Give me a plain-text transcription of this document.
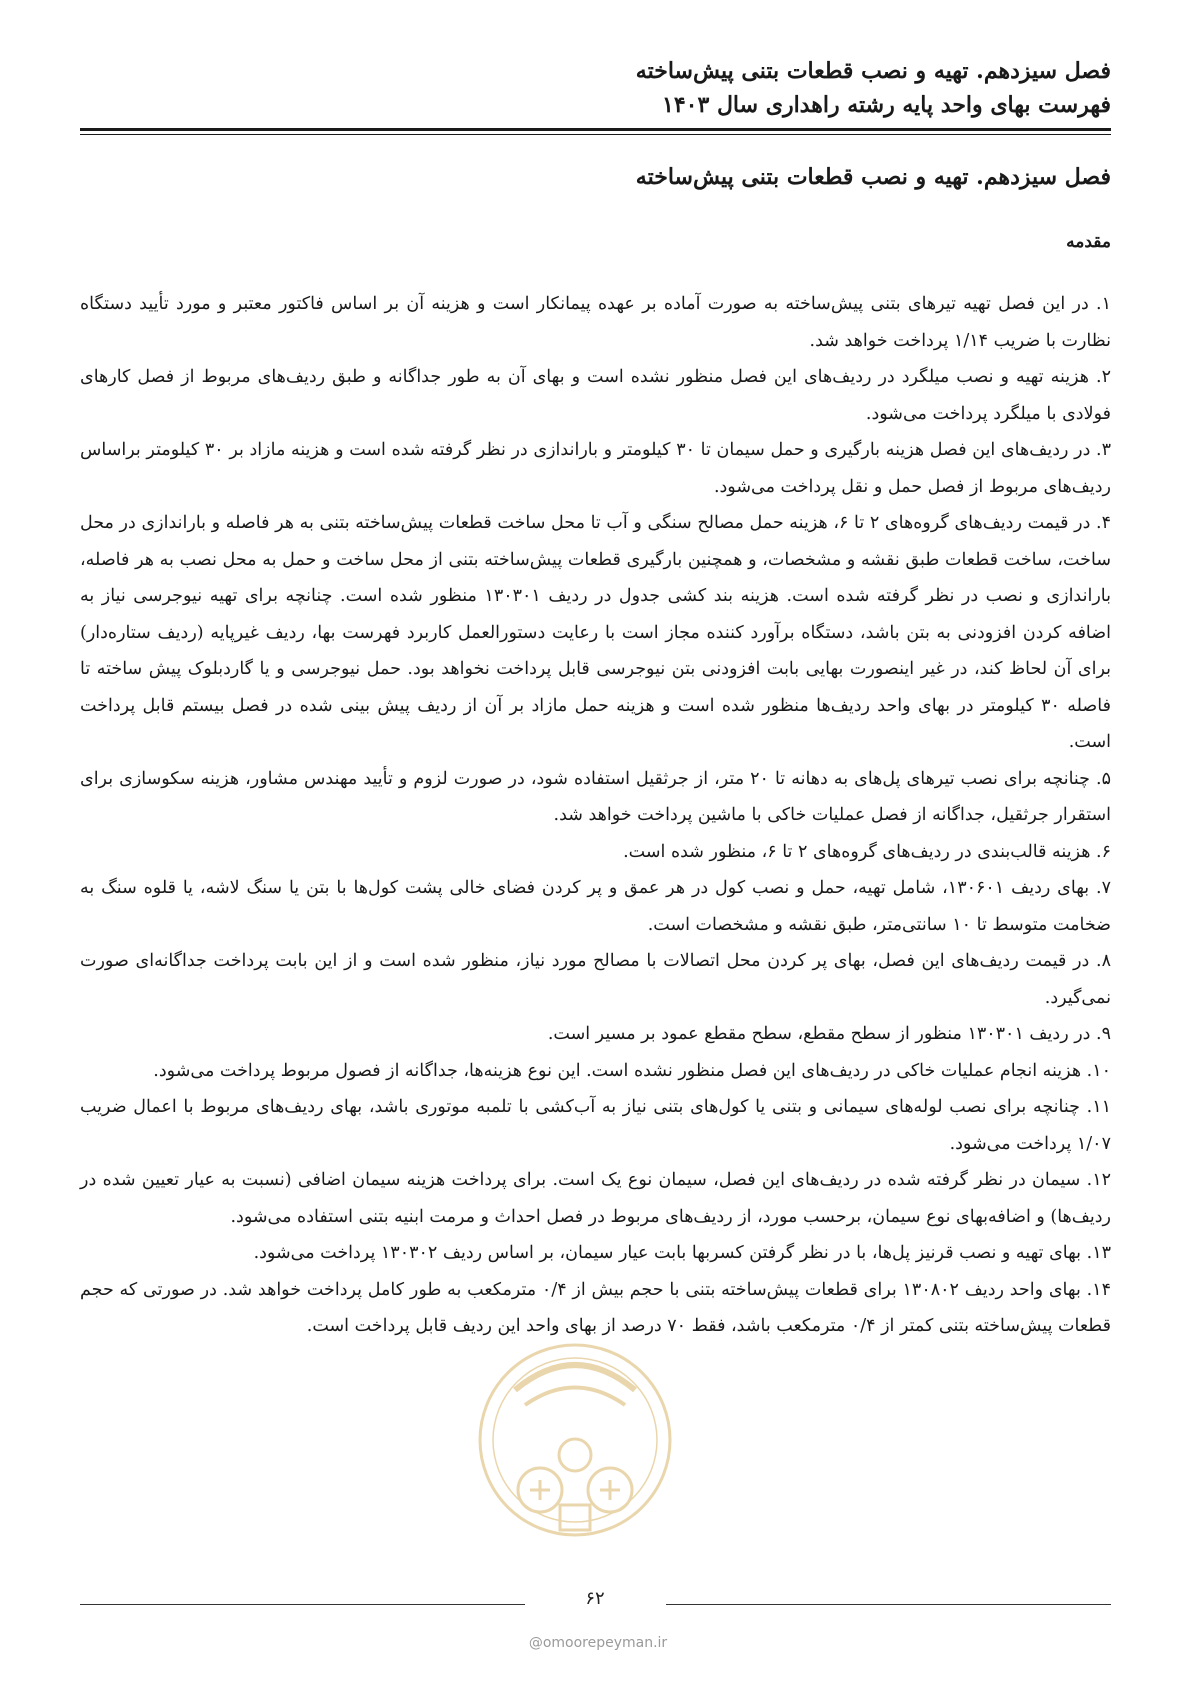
فصل سیزدهم. تهیه و نصب قطعات بتنی پیش‌ساخته
فهرست بهای واحد پایه رشته راهداری سال ۱۴۰۳
فصل سیزدهم. تهیه و نصب قطعات بتنی پیش‌ساخته
مقدمه

۱. در این فصل تهیه تیرهای بتنی پیش‌ساخته به صورت آماده بر عهده پیمانکار است و هزینه آن بر اساس فاکتور معتبر و مورد تأیید دستگاه نظارت با ضریب ۱/۱۴ پرداخت خواهد شد.

۲. هزینه تهیه و نصب میلگرد در ردیف‌های این فصل منظور نشده است و بهای آن به طور جداگانه و طبق ردیف‌های مربوط از فصل کارهای فولادی با میلگرد پرداخت می‌شود.

۳. در ردیف‌های این فصل هزینه بارگیری و حمل سیمان تا ۳۰ کیلومتر و باراندازی در نظر گرفته شده است و هزینه مازاد بر ۳۰ کیلومتر براساس ردیف‌های مربوط از فصل حمل و نقل پرداخت می‌شود.

۴. در قیمت ردیف‌های گروه‌های ۲ تا ۶، هزینه حمل مصالح سنگی و آب تا محل ساخت قطعات پیش‌ساخته بتنی به هر فاصله و باراندازی در محل ساخت، ساخت قطعات طبق نقشه و مشخصات، و همچنین بارگیری قطعات پیش‌ساخته بتنی از محل ساخت و حمل به محل نصب به هر فاصله، باراندازی و نصب در نظر گرفته شده است. هزینه بند کشی جدول در ردیف ۱۳۰۳۰۱ منظور شده است. چنانچه برای تهیه نیوجرسی نیاز به اضافه کردن افزودنی به بتن باشد، دستگاه برآورد کننده مجاز است با رعایت دستورالعمل کاربرد فهرست بها، ردیف غیرپایه (ردیف ستاره‌دار) برای آن لحاظ کند، در غیر اینصورت بهایی بابت افزودنی بتن نیوجرسی قابل پرداخت نخواهد بود. حمل نیوجرسی و یا گاردبلوک پیش ساخته تا فاصله ۳۰ کیلومتر در بهای واحد ردیف‌ها منظور شده است و هزینه حمل مازاد بر آن از ردیف پیش بینی شده در فصل بیستم قابل پرداخت است.

۵. چنانچه برای نصب تیرهای پل‌های به دهانه تا ۲۰ متر، از جرثقیل استفاده شود، در صورت لزوم و تأیید مهندس مشاور، هزینه سکوسازی برای استقرار جرثقیل، جداگانه از فصل عملیات خاکی با ماشین پرداخت خواهد شد.

۶. هزینه قالب‌بندی در ردیف‌های گروه‌های ۲ تا ۶، منظور شده است.

۷. بهای ردیف ۱۳۰۶۰۱، شامل تهیه، حمل و نصب کول در هر عمق و پر کردن فضای خالی پشت کول‌ها با بتن یا سنگ لاشه، یا قلوه سنگ به ضخامت متوسط تا ۱۰ سانتی‌متر، طبق نقشه و مشخصات است.

۸. در قیمت ردیف‌های این فصل، بهای پر کردن محل اتصالات با مصالح مورد نیاز، منظور شده است و از این بابت پرداخت جداگانه‌ای صورت نمی‌گیرد.

۹. در ردیف ۱۳۰۳۰۱ منظور از سطح مقطع، سطح مقطع عمود بر مسیر است.

۱۰. هزینه انجام عملیات خاکی در ردیف‌های این فصل منظور نشده است. این نوع هزینه‌ها، جداگانه از فصول مربوط پرداخت می‌شود.

۱۱. چنانچه برای نصب لوله‌های سیمانی و بتنی یا کول‌های بتنی نیاز به آب‌کشی با تلمبه موتوری باشد، بهای ردیف‌های مربوط با اعمال ضریب ۱/۰۷ پرداخت می‌شود.

۱۲. سیمان در نظر گرفته شده در ردیف‌های این فصل، سیمان نوع یک است. برای پرداخت هزینه سیمان اضافی (نسبت به عیار تعیین شده در ردیف‌ها) و اضافه‌بهای نوع سیمان، برحسب مورد، از ردیف‌های مربوط در فصل احداث و مرمت ابنیه بتنی استفاده می‌شود.

۱۳. بهای تهیه و نصب قرنیز پل‌ها، با در نظر گرفتن کسربها بابت عیار سیمان، بر اساس ردیف ۱۳۰۳۰۲ پرداخت می‌شود.

۱۴. بهای واحد ردیف ۱۳۰۸۰۲ برای قطعات پیش‌ساخته بتنی با حجم بیش از ۰/۴ مترمکعب به طور کامل پرداخت خواهد شد. در صورتی که حجم قطعات پیش‌ساخته بتنی کمتر از ۰/۴ مترمکعب باشد، فقط ۷۰ درصد از بهای واحد این ردیف قابل پرداخت است.

۶۲
@omoorepeyman.ir
